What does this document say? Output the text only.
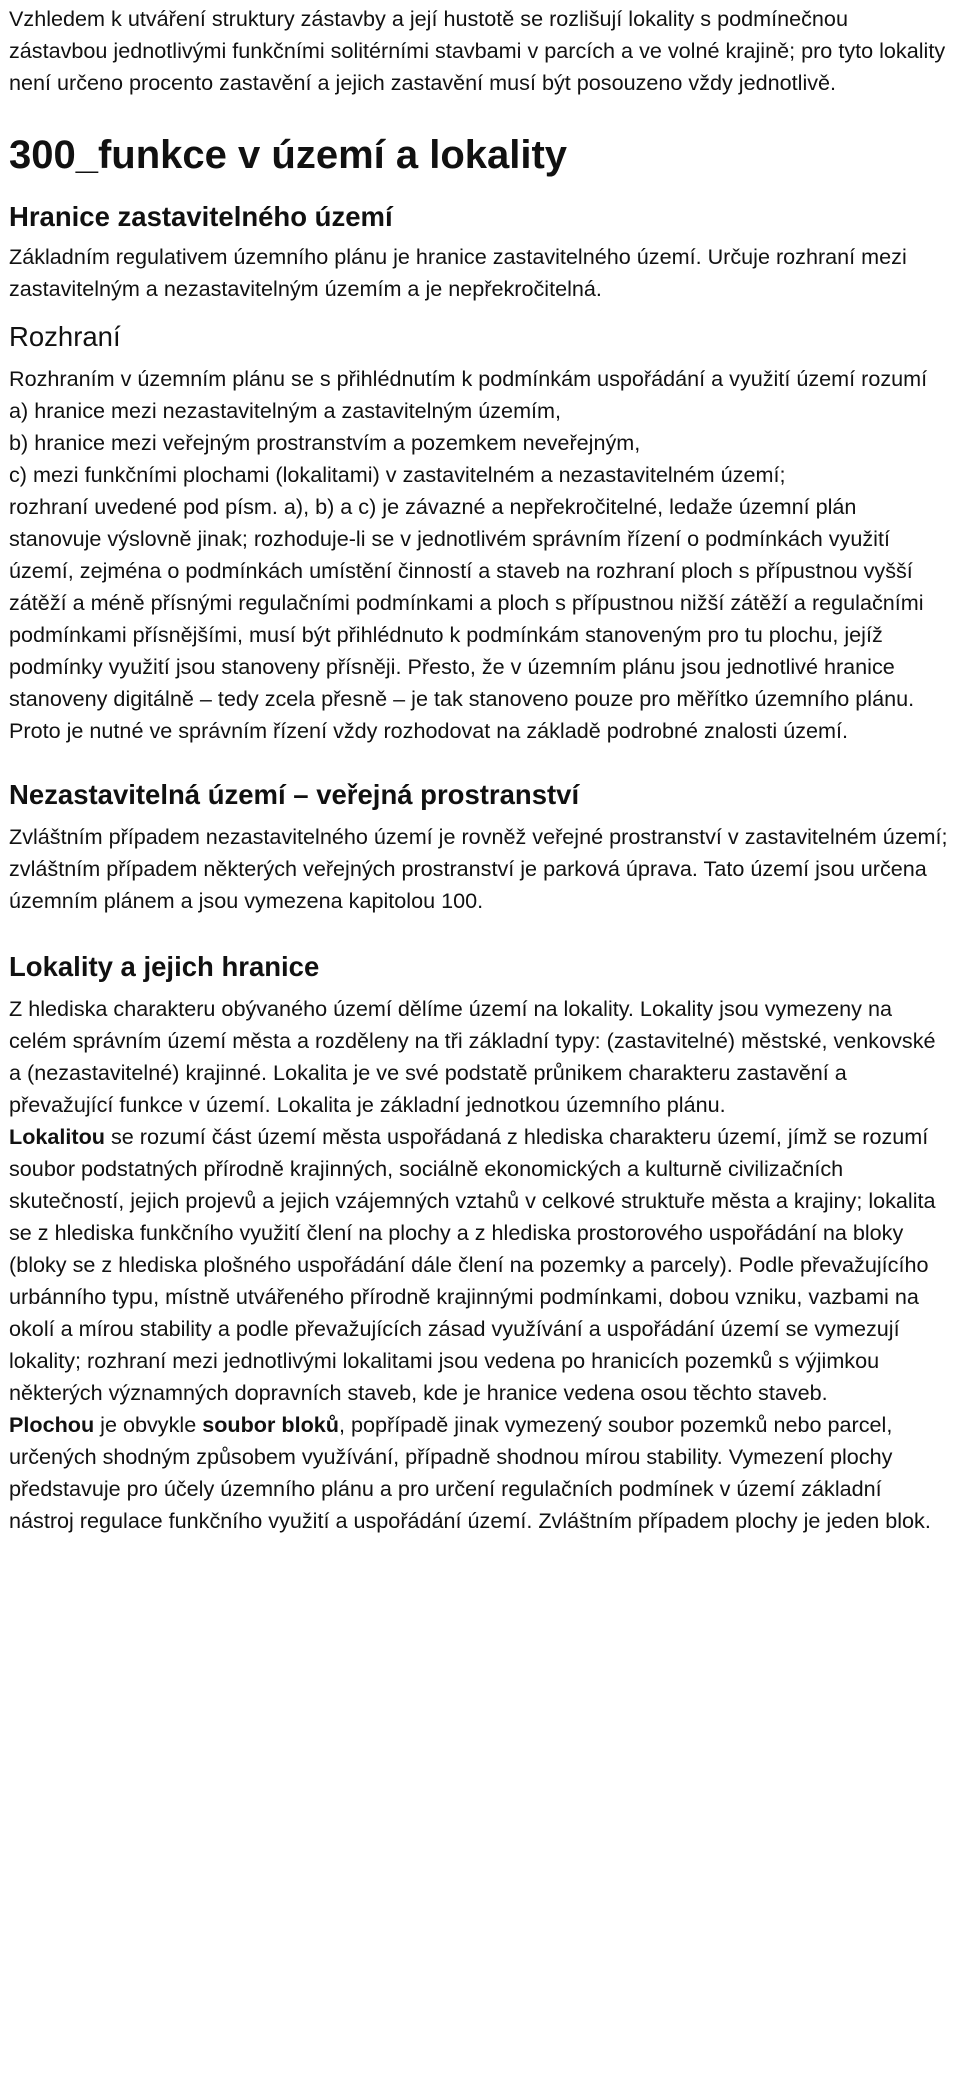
Vzhledem k utváření struktury zástavby a její hustotě se rozlišují lokality s podmínečnou zástavbou jednotlivými funkčními solitérními stavbami v parcích a ve volné krajině; pro tyto lokality není určeno procento zastavění a jejich zastavění musí být posouzeno vždy jednotlivě.

300_funkce v území a lokality
Hranice zastavitelného území

Základním regulativem územního plánu je hranice zastavitelného území. Určuje rozhraní mezi zastavitelným a nezastavitelným územím a je nepřekročitelná.

Rozhraní

Rozhraním v územním plánu se s přihlédnutím k podmínkám uspořádání a využití území rozumí

a) hranice mezi nezastavitelným a zastavitelným územím,

b) hranice mezi veřejným prostranstvím a pozemkem neveřejným,

c) mezi funkčními plochami (lokalitami) v zastavitelném a nezastavitelném území;

rozhraní uvedené pod písm. a), b) a c) je závazné a nepřekročitelné, ledaže územní plán stanovuje výslovně jinak; rozhoduje-li se v jednotlivém správním řízení o podmínkách využití území, zejména o podmínkách umístění činností a staveb na rozhraní ploch s přípustnou vyšší zátěží a méně přísnými regulačními podmínkami a ploch s přípustnou nižší zátěží a regulačními podmínkami přísnějšími, musí být přihlédnuto k podmínkám stanoveným pro tu plochu, jejíž podmínky využití jsou stanoveny přísněji. Přesto, že v územním plánu jsou jednotlivé hranice stanoveny digitálně – tedy zcela přesně – je tak stanoveno pouze pro měřítko územního plánu. Proto je nutné ve správním řízení vždy rozhodovat na základě podrobné znalosti území.

Nezastavitelná území – veřejná prostranství

Zvláštním případem nezastavitelného území je rovněž veřejné prostranství v zastavitelném území; zvláštním případem některých veřejných prostranství je parková úprava. Tato území jsou určena územním plánem a jsou vymezena kapitolou 100.

Lokality a jejich hranice

Z hlediska charakteru obývaného území dělíme území na lokality. Lokality jsou vymezeny na celém správním území města a rozděleny na tři základní typy: (zastavitelné) městské, venkovské a (nezastavitelné) krajinné. Lokalita je ve své podstatě průnikem charakteru zastavění a převažující funkce v území. Lokalita je základní jednotkou územního plánu.

Lokalitou se rozumí část území města uspořádaná z hlediska charakteru území, jímž se rozumí soubor podstatných přírodně krajinných, sociálně ekonomických a kulturně civilizačních skutečností, jejich projevů a jejich vzájemných vztahů v celkové struktuře města a krajiny; lokalita se z hlediska funkčního využití člení na plochy a z hlediska prostorového uspořádání na bloky (bloky se z hlediska plošného uspořádání dále člení na pozemky a parcely). Podle převažujícího urbánního typu, místně utvářeného přírodně krajinnými podmínkami, dobou vzniku, vazbami na okolí a mírou stability a podle převažujících zásad využívání a uspořádání území se vymezují lokality; rozhraní mezi jednotlivými lokalitami jsou vedena po hranicích pozemků s výjimkou některých významných dopravních staveb, kde je hranice vedena osou těchto staveb.

Plochou je obvykle soubor bloků, popřípadě jinak vymezený soubor pozemků nebo parcel, určených shodným způsobem využívání, případně shodnou mírou stability. Vymezení plochy představuje pro účely územního plánu a pro určení regulačních podmínek v území základní nástroj regulace funkčního využití a uspořádání území. Zvláštním případem plochy je jeden blok.
